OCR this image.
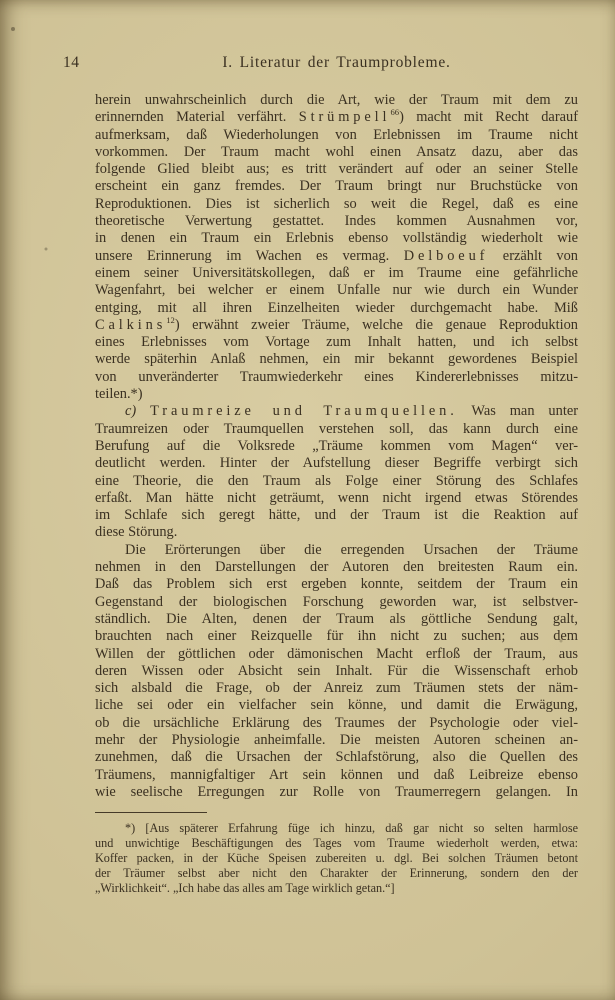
14	I. Literatur der Traumprobleme.
herein unwahrscheinlich durch die Art, wie der Traum mit dem zu
erinnernden Material verfährt. Strümpell$^{66}$) macht mit Recht darauf
aufmerksam, daß Wiederholungen von Erlebnissen im Traume nicht
vorkommen. Der Traum macht wohl einen Ansatz dazu, aber das
folgende Glied bleibt aus; es tritt verändert auf oder an seiner Stelle
erscheint ein ganz fremdes. Der Traum bringt nur Bruchstücke von
Reproduktionen. Dies ist sicherlich so weit die Regel, daß es eine
theoretische Verwertung gestattet. Indes kommen Ausnahmen vor,
in denen ein Traum ein Erlebnis ebenso vollständig wiederholt wie
unsere Erinnerung im Wachen es vermag. Delboeuf erzählt von
einem seiner Universitätskollegen, daß er im Traume eine gefährliche
Wagenfahrt, bei welcher er einem Unfalle nur wie durch ein Wunder
entging, mit all ihren Einzelheiten wieder durchgemacht habe. Miß
Calkins$^{12}$) erwähnt zweier Träume, welche die genaue Reproduktion
eines Erlebnisses vom Vortage zum Inhalt hatten, und ich selbst
werde späterhin Anlaß nehmen, ein mir bekannt gewordenes Beispiel
von unveränderter Traumwiederkehr eines Kindererlebnisses mitzu-
teilen.*)
c) Traumreize und Traumquellen. Was man unter
Traumreizen oder Traumquellen verstehen soll, das kann durch eine
Berufung auf die Volksrede „Träume kommen vom Magen“ ver-
deutlicht werden. Hinter der Aufstellung dieser Begriffe verbirgt sich
eine Theorie, die den Traum als Folge einer Störung des Schlafes
erfaßt. Man hätte nicht geträumt, wenn nicht irgend etwas Störendes
im Schlafe sich geregt hätte, und der Traum ist die Reaktion auf
diese Störung.
Die Erörterungen über die erregenden Ursachen der Träume
nehmen in den Darstellungen der Autoren den breitesten Raum ein.
Daß das Problem sich erst ergeben konnte, seitdem der Traum ein
Gegenstand der biologischen Forschung geworden war, ist selbstver-
ständlich. Die Alten, denen der Traum als göttliche Sendung galt,
brauchten nach einer Reizquelle für ihn nicht zu suchen; aus dem
Willen der göttlichen oder dämonischen Macht erfloß der Traum, aus
deren Wissen oder Absicht sein Inhalt. Für die Wissenschaft erhob
sich alsbald die Frage, ob der Anreiz zum Träumen stets der näm-
liche sei oder ein vielfacher sein könne, und damit die Erwägung,
ob die ursächliche Erklärung des Traumes der Psychologie oder viel-
mehr der Physiologie anheimfalle. Die meisten Autoren scheinen an-
zunehmen, daß die Ursachen der Schlafstörung, also die Quellen des
Träumens, mannigfaltiger Art sein können und daß Leibreize ebenso
wie seelische Erregungen zur Rolle von Traumerregern gelangen. In
*) [Aus späterer Erfahrung füge ich hinzu, daß gar nicht so selten harmlose
und unwichtige Beschäftigungen des Tages vom Traume wiederholt werden, etwa:
Koffer packen, in der Küche Speisen zubereiten u. dgl. Bei solchen Träumen betont
der Träumer selbst aber nicht den Charakter der Erinnerung, sondern den der
„Wirklichkeit“. „Ich habe das alles am Tage wirklich getan.“]
